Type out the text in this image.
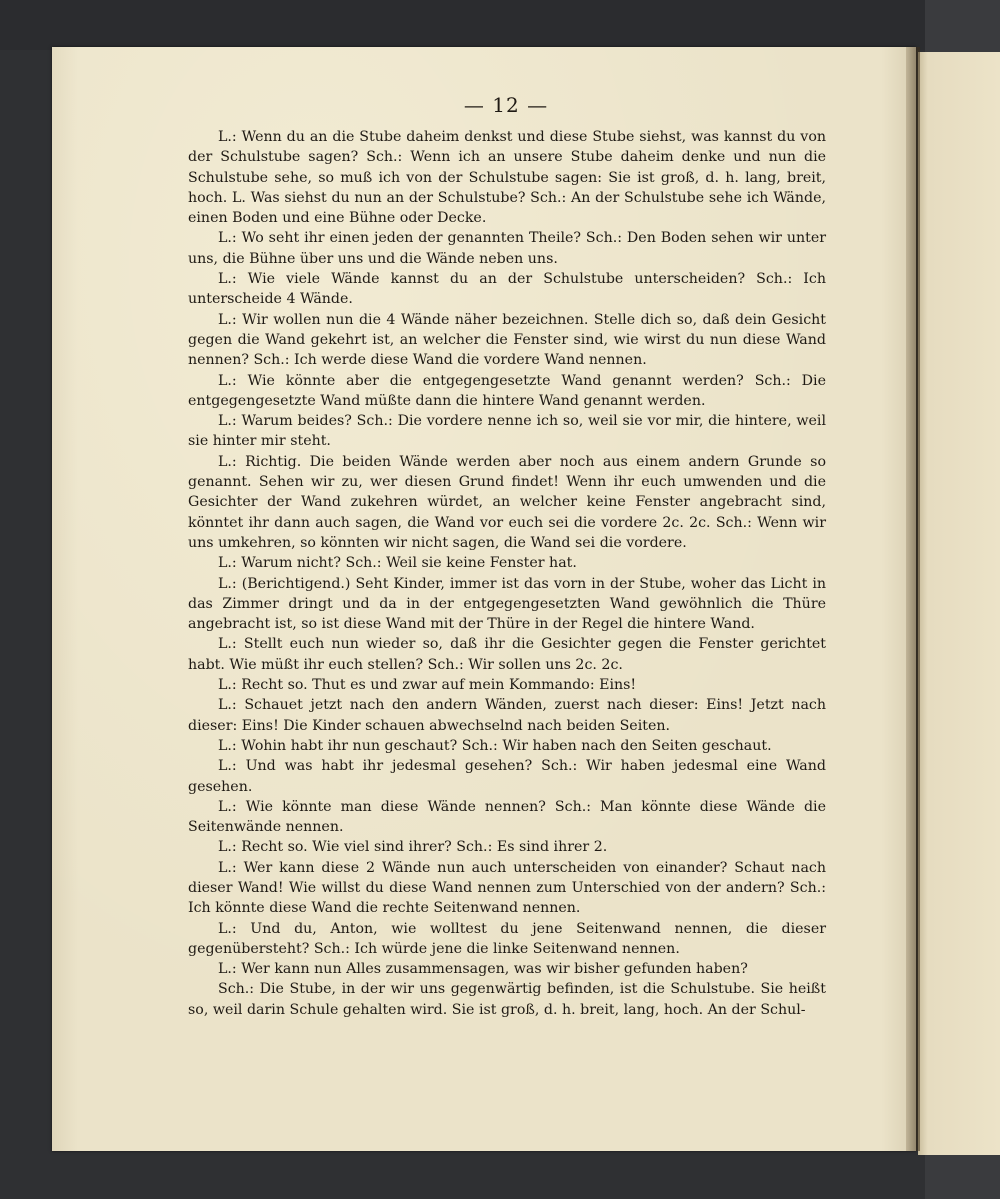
— 12 —

L.: Wenn du an die Stube daheim denkst und diese Stube siehst, was kannst du von der Schulstube sagen? Sch.: Wenn ich an unsere Stube daheim denke und nun die Schulstube sehe, so muß ich von der Schulstube sagen: Sie ist groß, d. h. lang, breit, hoch. L. Was siehst du nun an der Schulstube? Sch.: An der Schulstube sehe ich Wände, einen Boden und eine Bühne oder Decke.

L.: Wo seht ihr einen jeden der genannten Theile? Sch.: Den Boden sehen wir unter uns, die Bühne über uns und die Wände neben uns.

L.: Wie viele Wände kannst du an der Schulstube unterscheiden? Sch.: Ich unterscheide 4 Wände.

L.: Wir wollen nun die 4 Wände näher bezeichnen. Stelle dich so, daß dein Gesicht gegen die Wand gekehrt ist, an welcher die Fenster sind, wie wirst du nun diese Wand nennen? Sch.: Ich werde diese Wand die vordere Wand nennen.

L.: Wie könnte aber die entgegengesetzte Wand genannt werden? Sch.: Die entgegengesetzte Wand müßte dann die hintere Wand genannt werden.

L.: Warum beides? Sch.: Die vordere nenne ich so, weil sie vor mir, die hintere, weil sie hinter mir steht.

L.: Richtig. Die beiden Wände werden aber noch aus einem andern Grunde so genannt. Sehen wir zu, wer diesen Grund findet! Wenn ihr euch umwenden und die Gesichter der Wand zukehren würdet, an welcher keine Fenster angebracht sind, könntet ihr dann auch sagen, die Wand vor euch sei die vordere 2c. 2c. Sch.: Wenn wir uns umkehren, so könnten wir nicht sagen, die Wand sei die vordere.

L.: Warum nicht? Sch.: Weil sie keine Fenster hat.

L.: (Berichtigend.) Seht Kinder, immer ist das vorn in der Stube, woher das Licht in das Zimmer dringt und da in der entgegengesetzten Wand gewöhnlich die Thüre angebracht ist, so ist diese Wand mit der Thüre in der Regel die hintere Wand.

L.: Stellt euch nun wieder so, daß ihr die Gesichter gegen die Fenster gerichtet habt. Wie müßt ihr euch stellen? Sch.: Wir sollen uns 2c. 2c.

L.: Recht so. Thut es und zwar auf mein Kommando: Eins!

L.: Schauet jetzt nach den andern Wänden, zuerst nach dieser: Eins! Jetzt nach dieser: Eins! Die Kinder schauen abwechselnd nach beiden Seiten.

L.: Wohin habt ihr nun geschaut? Sch.: Wir haben nach den Seiten geschaut.

L.: Und was habt ihr jedesmal gesehen? Sch.: Wir haben jedesmal eine Wand gesehen.

L.: Wie könnte man diese Wände nennen? Sch.: Man könnte diese Wände die Seitenwände nennen.

L.: Recht so. Wie viel sind ihrer? Sch.: Es sind ihrer 2.

L.: Wer kann diese 2 Wände nun auch unterscheiden von einander? Schaut nach dieser Wand! Wie willst du diese Wand nennen zum Unterschied von der andern? Sch.: Ich könnte diese Wand die rechte Seitenwand nennen.

L.: Und du, Anton, wie wolltest du jene Seitenwand nennen, die dieser gegenübersteht? Sch.: Ich würde jene die linke Seitenwand nennen.

L.: Wer kann nun Alles zusammensagen, was wir bisher gefunden haben?

Sch.: Die Stube, in der wir uns gegenwärtig befinden, ist die Schulstube. Sie heißt so, weil darin Schule gehalten wird. Sie ist groß, d. h. breit, lang, hoch. An der Schul-
